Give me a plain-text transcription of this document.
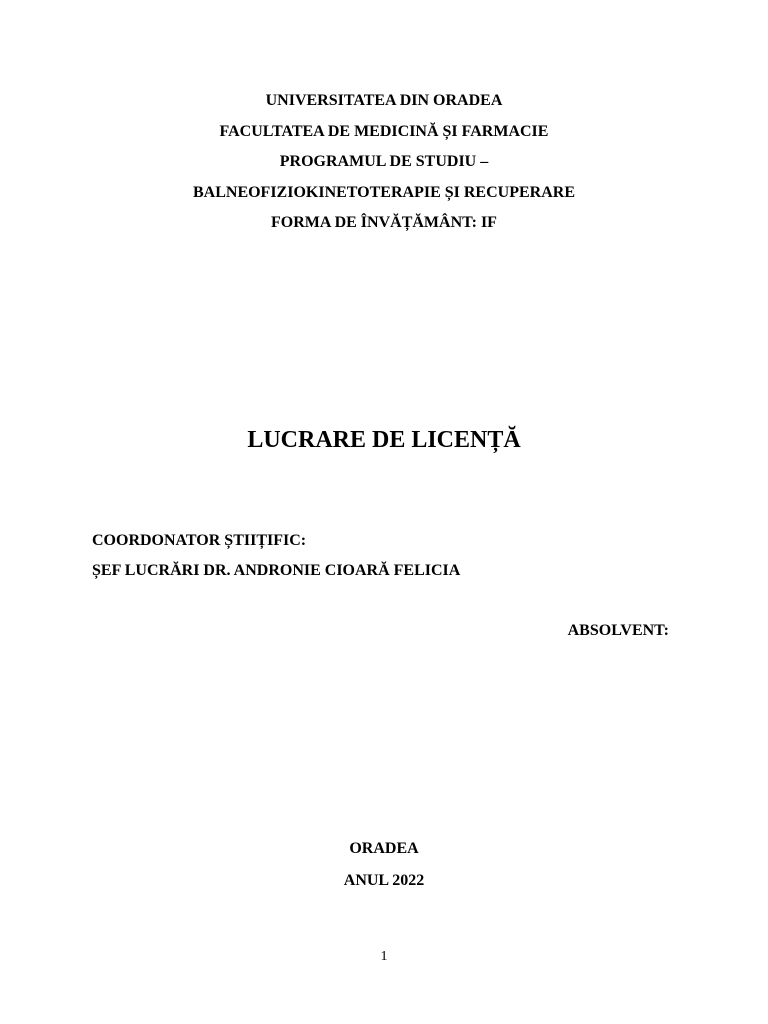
UNIVERSITATEA DIN ORADEA
FACULTATEA DE MEDICINĂ ȘI FARMACIE
PROGRAMUL DE STUDIU –
BALNEOFIZIOKINETOTERAPIE ȘI RECUPERARE
FORMA DE ÎNVĂȚĂMÂNT: IF
LUCRARE DE LICENȚĂ
COORDONATOR ȘTIIȚIFIC:
ȘEF LUCRĂRI DR. ANDRONIE CIOARĂ FELICIA
ABSOLVENT:
ORADEA
ANUL 2022
1
